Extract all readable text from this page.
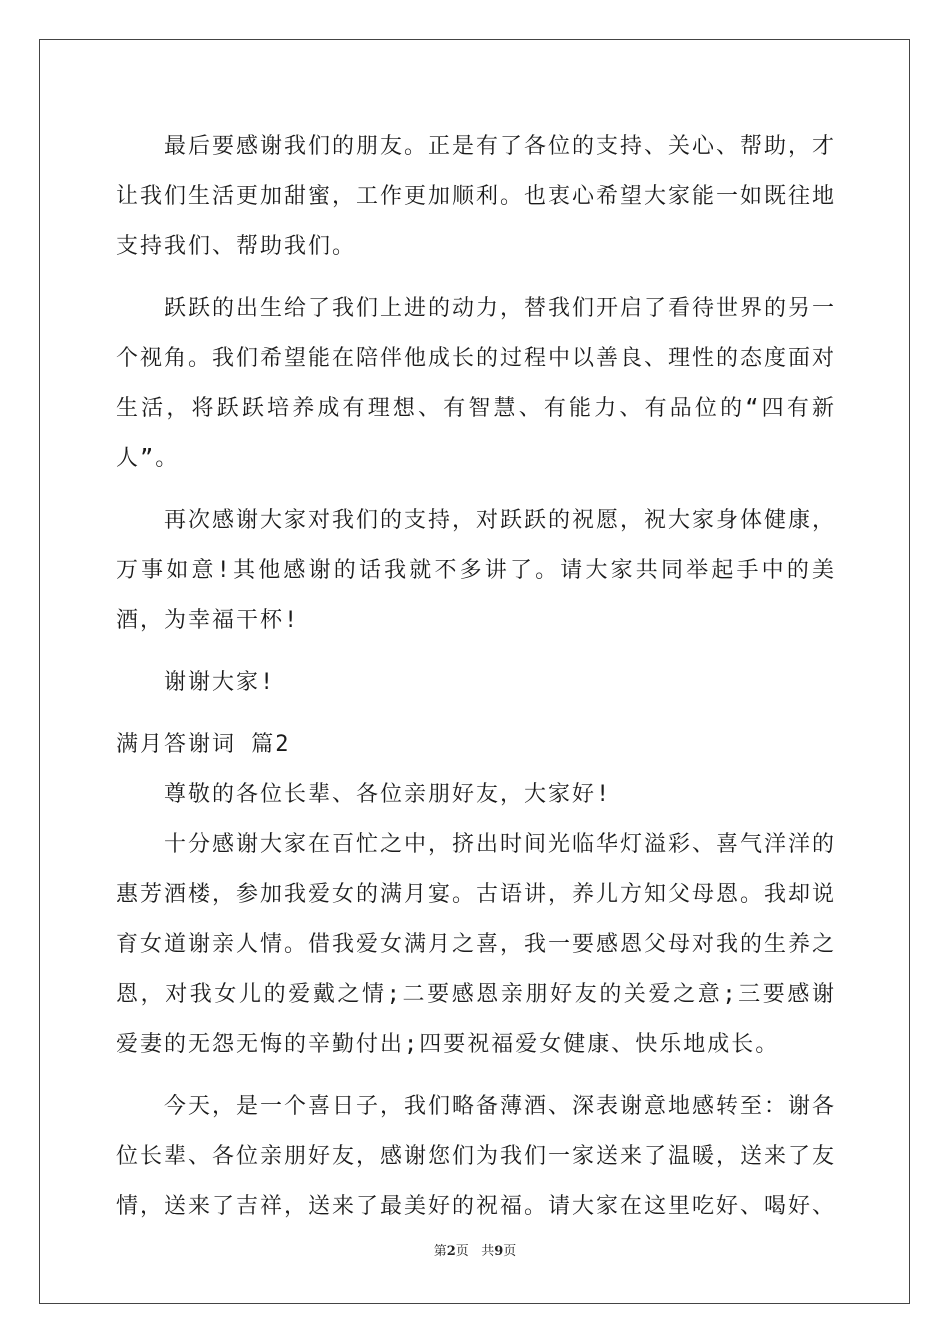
最后要感谢我们的朋友。正是有了各位的支持、关心、帮助，才让我们生活更加甜蜜，工作更加顺利。也衷心希望大家能一如既往地支持我们、帮助我们。

跃跃的出生给了我们上进的动力，替我们开启了看待世界的另一个视角。我们希望能在陪伴他成长的过程中以善良、理性的态度面对生活，将跃跃培养成有理想、有智慧、有能力、有品位的“四有新人”。

再次感谢大家对我们的支持，对跃跃的祝愿，祝大家身体健康，万事如意!其他感谢的话我就不多讲了。请大家共同举起手中的美酒，为幸福干杯!

谢谢大家!

满月答谢词 篇2

尊敬的各位长辈、各位亲朋好友，大家好!

十分感谢大家在百忙之中，挤出时间光临华灯溢彩、喜气洋洋的惠芳酒楼，参加我爱女的满月宴。古语讲，养儿方知父母恩。我却说育女道谢亲人情。借我爱女满月之喜，我一要感恩父母对我的生养之恩，对我女儿的爱戴之情;二要感恩亲朋好友的关爱之意;三要感谢爱妻的无怨无悔的辛勤付出;四要祝福爱女健康、快乐地成长。

今天，是一个喜日子，我们略备薄酒、深表谢意地感转至：谢各位长辈、各位亲朋好友，感谢您们为我们一家送来了温暖，送来了友情，送来了吉祥，送来了最美好的祝福。请大家在这里吃好、喝好、

第2页 共9页
